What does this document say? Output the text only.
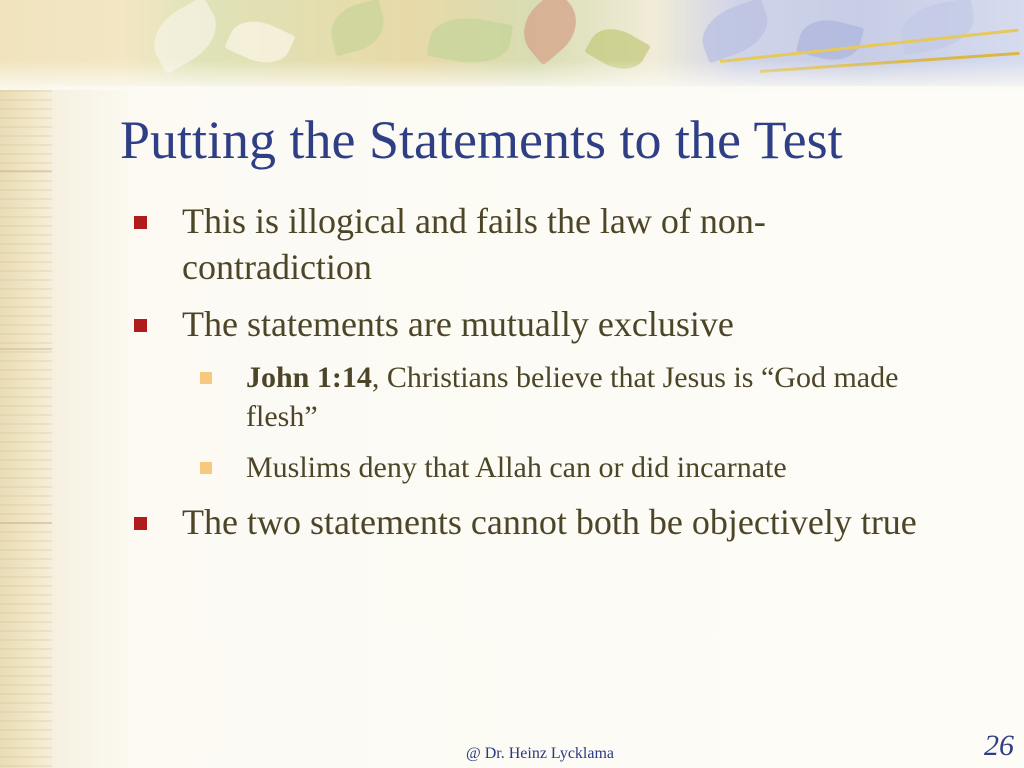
Putting the Statements to the Test
This is illogical and fails the law of non-contradiction
The statements are mutually exclusive
John 1:14, Christians believe that Jesus is “God made flesh”
Muslims deny that Allah can or did incarnate
The two statements cannot both be objectively true
@ Dr. Heinz Lycklama	26
